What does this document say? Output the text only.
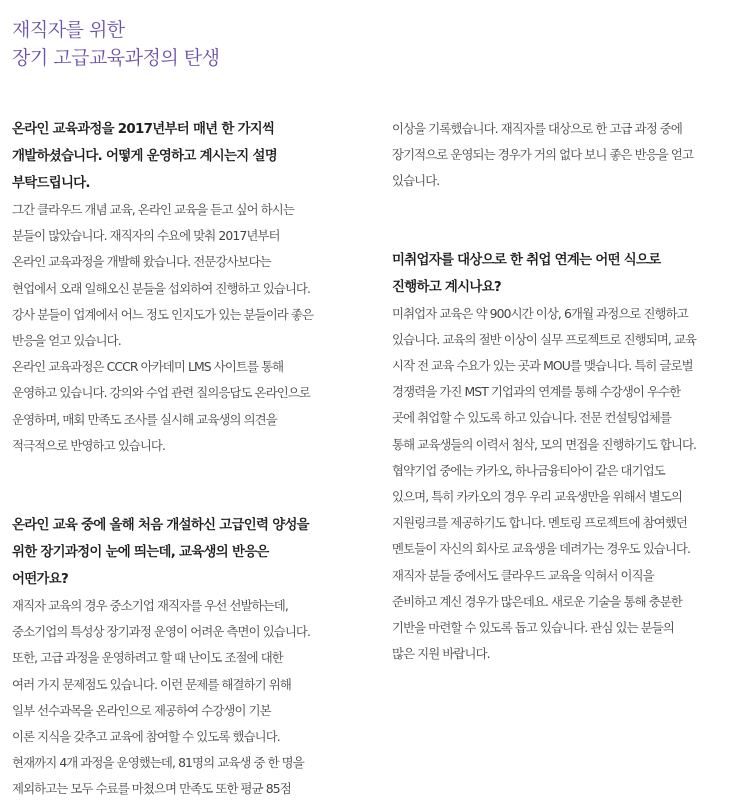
재직자를 위한
장기 고급교육과정의 탄생
온라인 교육과정을 2017년부터 매년 한 가지씩
개발하셨습니다. 어떻게 운영하고 계시는지 설명
부탁드립니다.
그간 클라우드 개념 교육, 온라인 교육을 듣고 싶어 하시는
분들이 많았습니다. 재직자의 수요에 맞춰 2017년부터
온라인 교육과정을 개발해 왔습니다. 전문강사보다는
현업에서 오래 일해오신 분들을 섭외하여 진행하고 있습니다.
강사 분들이 업계에서 어느 정도 인지도가 있는 분들이라 좋은
반응을 얻고 있습니다.
온라인 교육과정은 CCCR 아카데미 LMS 사이트를 통해
운영하고 있습니다. 강의와 수업 관련 질의응답도 온라인으로
운영하며, 매회 만족도 조사를 실시해 교육생의 의견을
적극적으로 반영하고 있습니다.
온라인 교육 중에 올해 처음 개설하신 고급인력 양성을
위한 장기과정이 눈에 띄는데, 교육생의 반응은
어떤가요?
재직자 교육의 경우 중소기업 재직자를 우선 선발하는데,
중소기업의 특성상 장기과정 운영이 어려운 측면이 있습니다.
또한, 고급 과정을 운영하려고 할 때 난이도 조절에 대한
여러 가지 문제점도 있습니다. 이런 문제를 해결하기 위해
일부 선수과목을 온라인으로 제공하여 수강생이 기본
이론 지식을 갖추고 교육에 참여할 수 있도록 했습니다.
현재까지 4개 과정을 운영했는데, 81명의 교육생 중 한 명을
제외하고는 모두 수료를 마쳤으며 만족도 또한 평균 85점
이상을 기록했습니다. 재직자를 대상으로 한 고급 과정 중에
장기적으로 운영되는 경우가 거의 없다 보니 좋은 반응을 얻고
있습니다.
미취업자를 대상으로 한 취업 연계는 어떤 식으로
진행하고 계시나요?
미취업자 교육은 약 900시간 이상, 6개월 과정으로 진행하고
있습니다. 교육의 절반 이상이 실무 프로젝트로 진행되며, 교육
시작 전 교육 수요가 있는 곳과 MOU를 맺습니다. 특히 글로벌
경쟁력을 가진 MST 기업과의 연계를 통해 수강생이 우수한
곳에 취업할 수 있도록 하고 있습니다. 전문 컨설팅업체를
통해 교육생들의 이력서 첨삭, 모의 면접을 진행하기도 합니다.
협약기업 중에는 카카오, 하나금융티아이 같은 대기업도
있으며, 특히 카카오의 경우 우리 교육생만을 위해서 별도의
지원링크를 제공하기도 합니다. 멘토링 프로젝트에 참여했던
멘토들이 자신의 회사로 교육생을 데려가는 경우도 있습니다.
재직자 분들 중에서도 클라우드 교육을 익혀서 이직을
준비하고 계신 경우가 많은데요. 새로운 기술을 통해 충분한
기반을 마련할 수 있도록 돕고 있습니다. 관심 있는 분들의
많은 지원 바랍니다.
